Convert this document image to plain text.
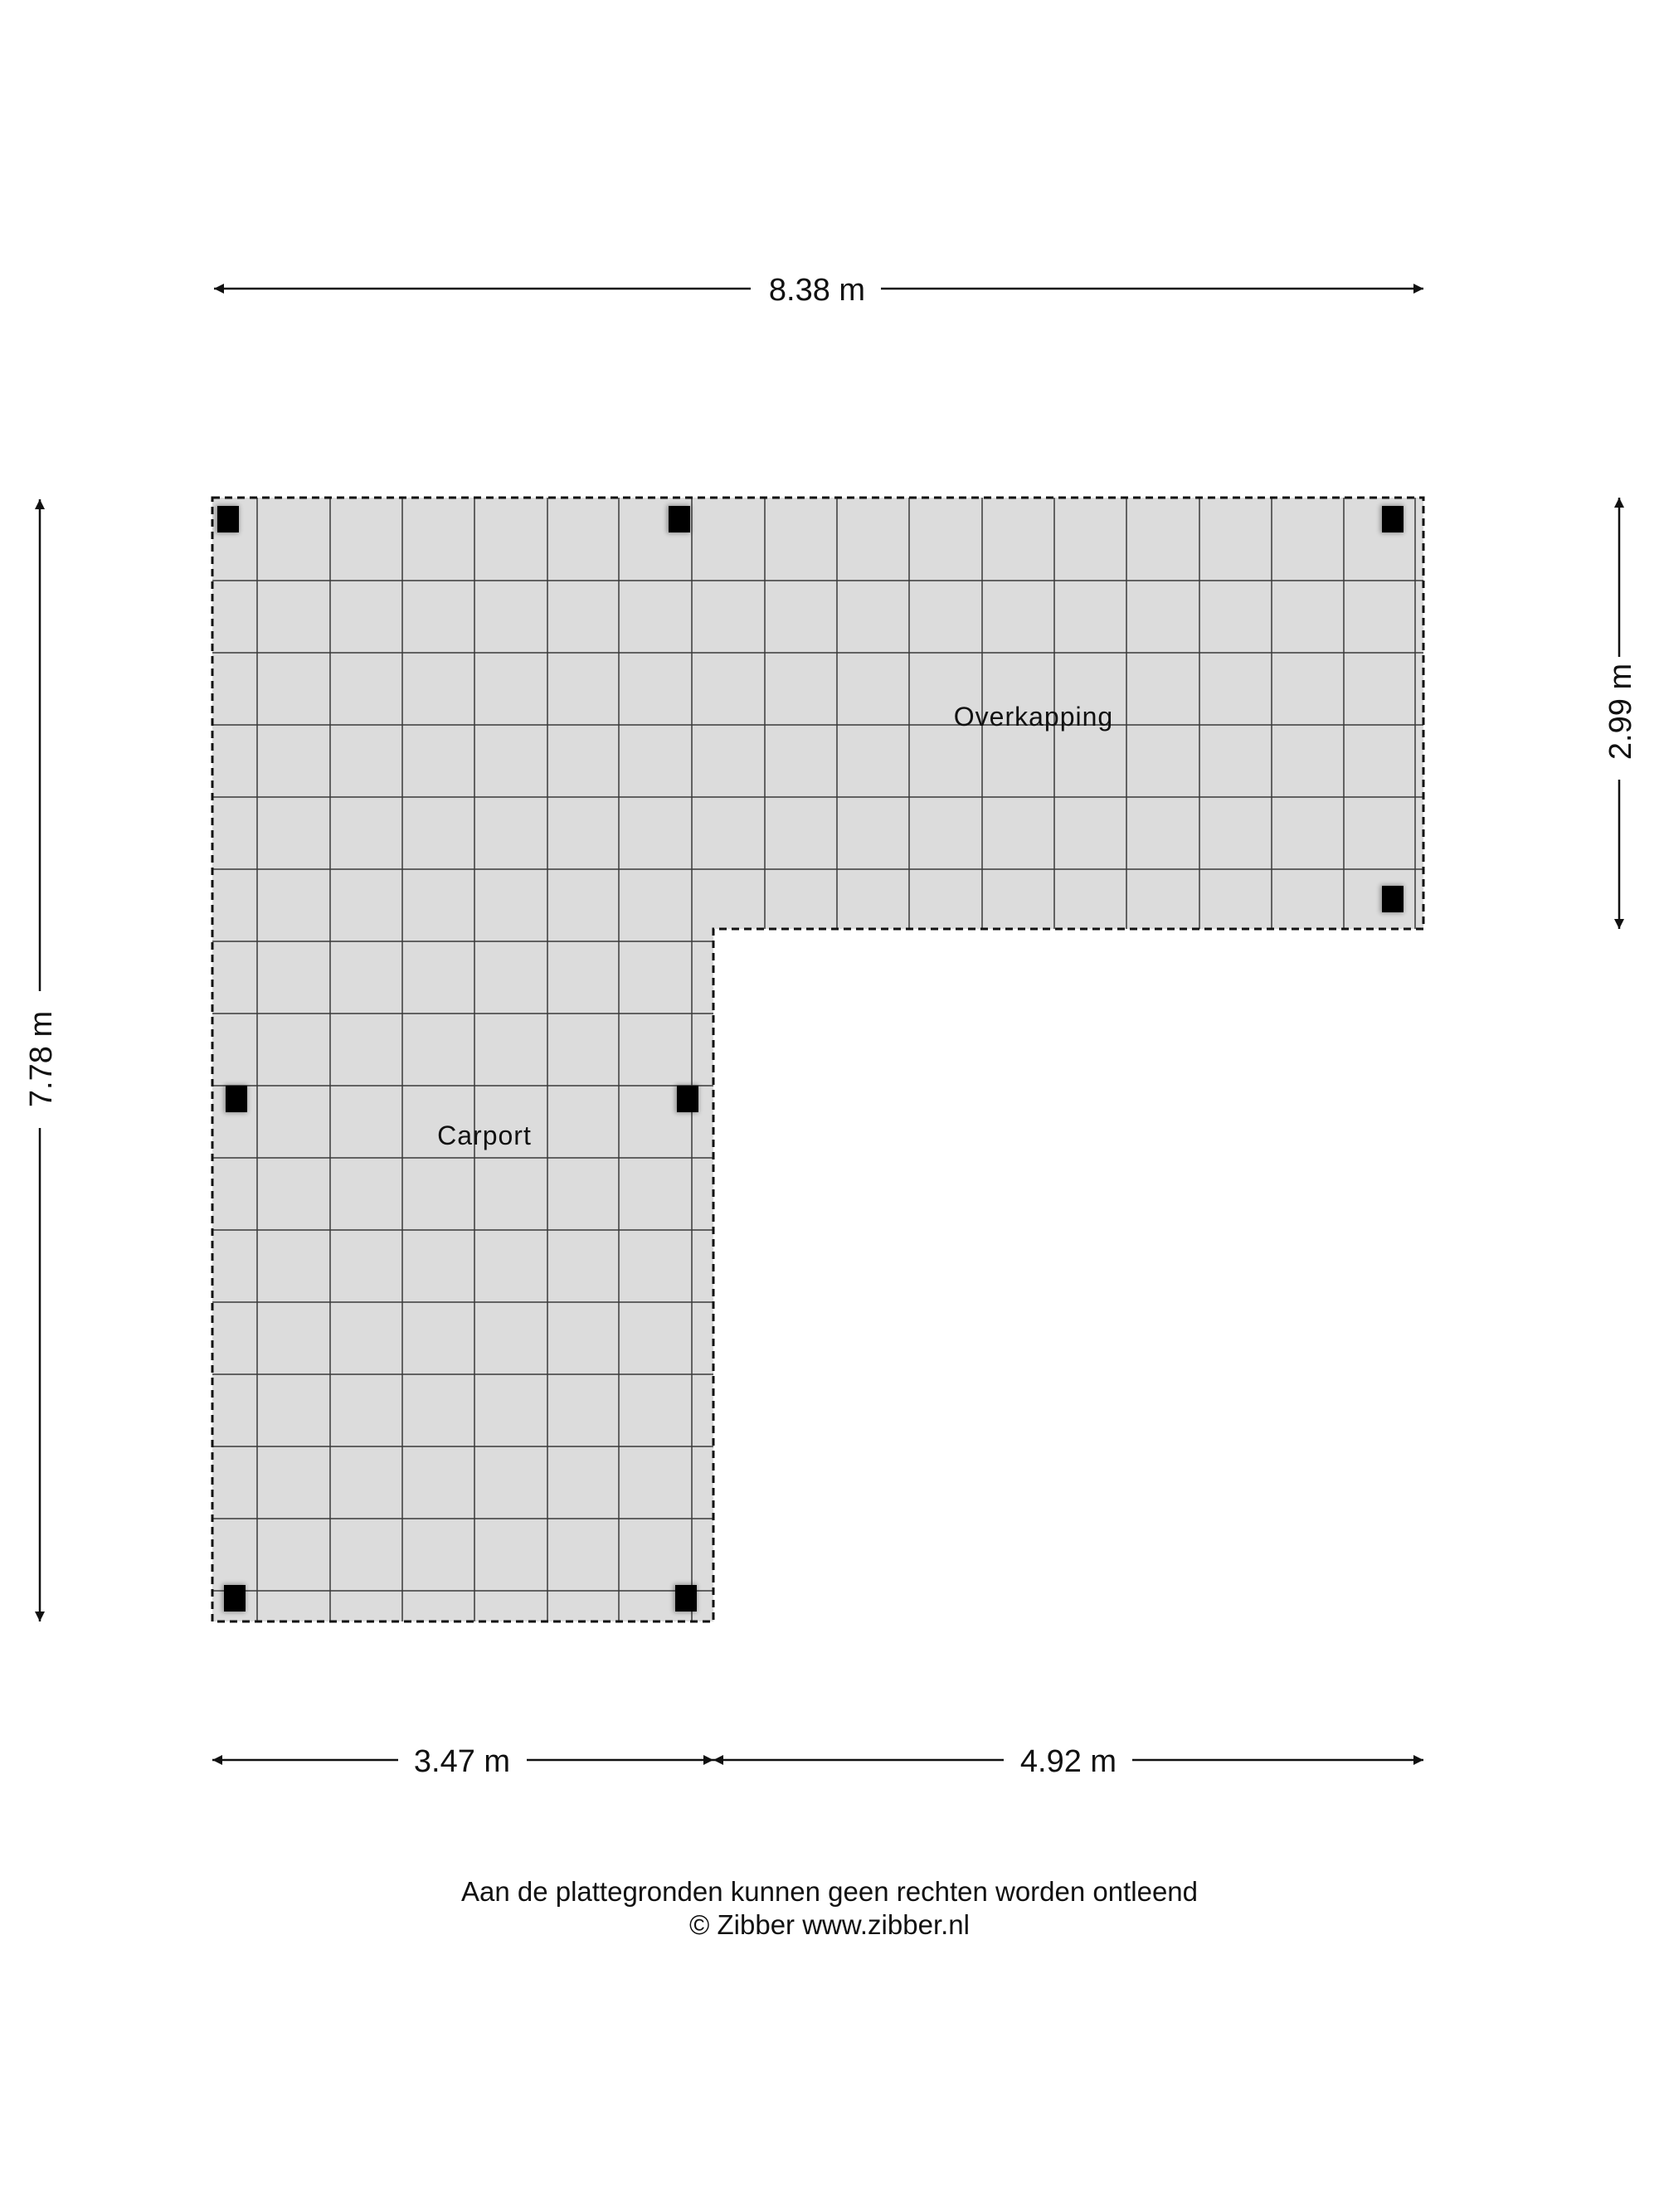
Overkapping
Carport
8.38 m
7.78 m
2.99 m
3.47 m	4.92 m

Aan de plattegronden kunnen geen rechten worden ontleend

© Zibber www.zibber.nl
